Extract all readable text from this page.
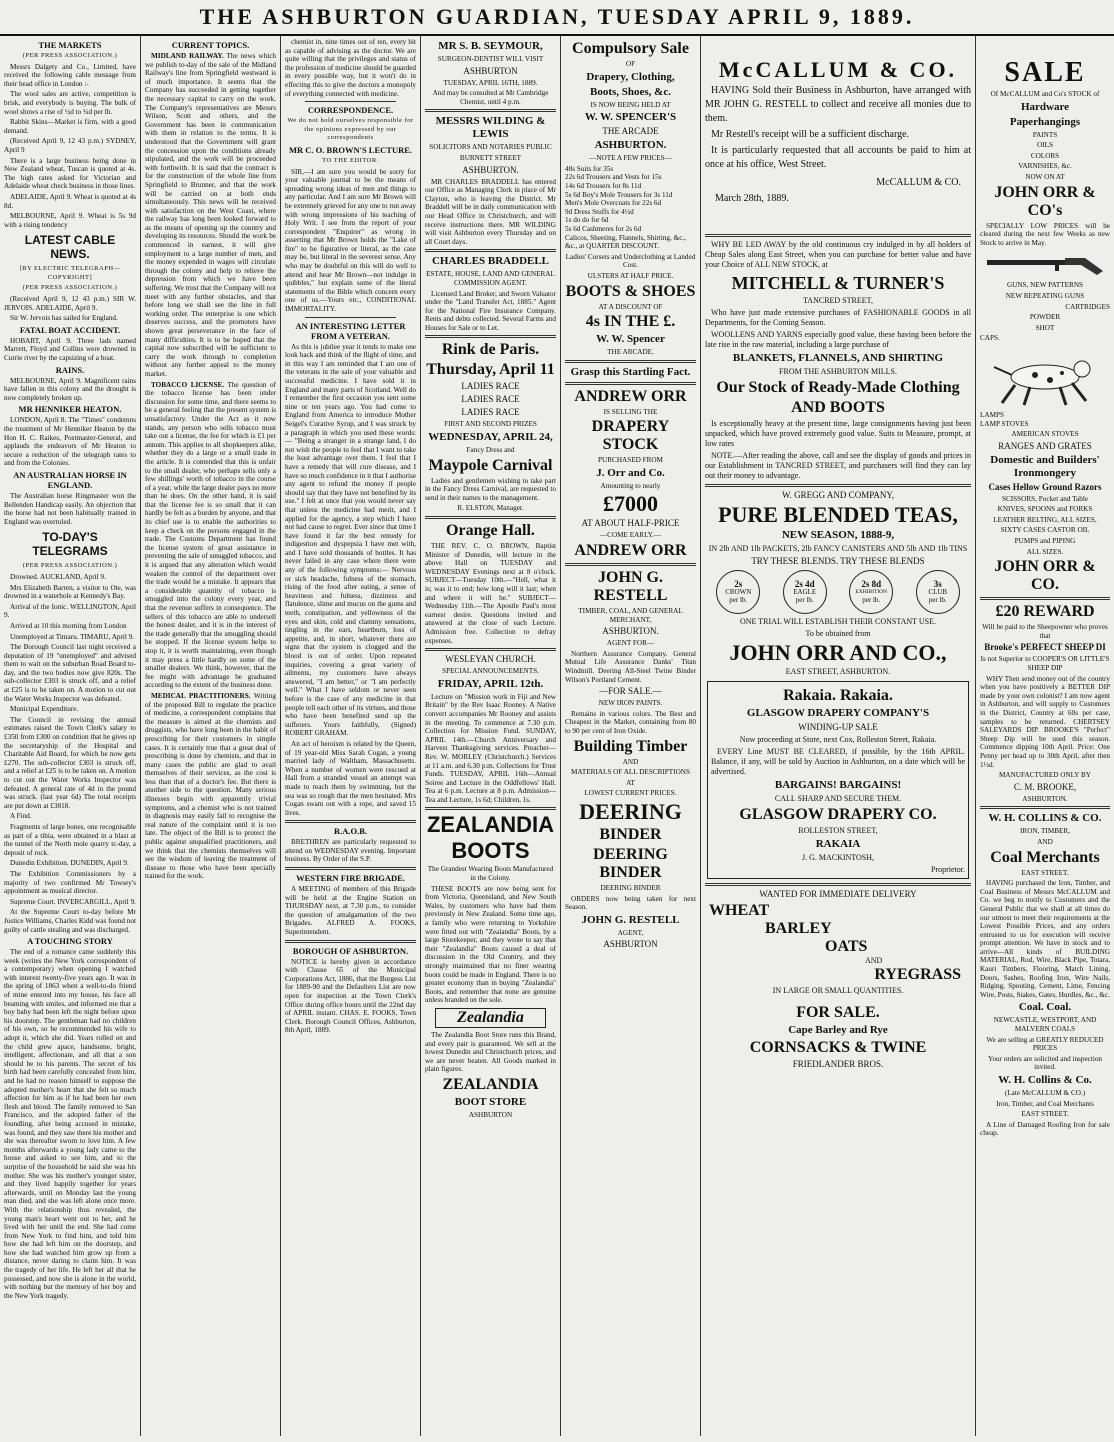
THE ASHBURTON GUARDIAN, TUESDAY APRIL 9, 1889.
THE MARKETS
(PER PRESS ASSOCIATION.)

Messrs Dalgety and Co., Limited, have received the following cable message from their head office in London :-

The wool sales are active, competition is brisk, and everybody is buying. The bulk of wool shows a rise of ½d to ¾d per lb.

Rabbit Skins—Market is firm, with a good demand.

(Received April 9, 12 43 p.m.) SYDNEY, April 9

There is a large business being done in New Zealand wheat, Tuscan is quoted at 4s. The high rates asked for Victorian and Adelaide wheat check business in those lines.

ADELAIDE, April 9. Wheat is quoted at 4s 8d.

MELBOURNE, April 9. Wheat is 5s 9d with a rising tendency

LATEST CABLE NEWS.
[BY ELECTRIC TELEGRAPH—COPYRIGHT]
(PER PRESS ASSOCIATION.)

(Received April 9, 12 43 p.m.) SIR W. JERVOIS. ADELAIDE, April 9.

Sir W. Jervois has sailed for England.

FATAL BOAT ACCIDENT.

HOBART, April 9. Three lads named Marrett, Floyd and Collins were drowned in Currie river by the capsizing of a boat.

RAINS.

MELBOURNE, April 9. Magnificent rains have fallen in this colony and the drought is now completely broken up.

MR HENNIKER HEATON.

LONDON, April 8. The "Times" condemns the treatment of Mr Henniker Heaton by the Hon H. C. Raikes, Postmaster-General, and applauds the endeavors of Mr Heaton to secure a reduction of the telegraph rates to and from the Colonies.

AN AUSTRALIAN HORSE IN ENGLAND.

The Australian horse Ringmaster won the Bellenden Handicap easily. An objection that the horse had not been habitually trained in England was overruled.

TO-DAY'S TELEGRAMS
(PER PRESS ASSOCIATION.)

Drowned. AUCKLAND, April 9.

Mrs Elizabeth Barren, a visitor to Ote, was drowned in a waterhole at Kennedy's Bay.

Arrival of the Ionic. WELLINGTON, April 9.

Arrived at 10 this morning from London

Unemployed at Timaru. TIMARU, April 9.

The Borough Council last night received a deputation of 19 "unemployed" and advised them to wait on the suburban Road Board to-day, and the two bodies now give 820s. The sub-collector £303 is struck off, and a relief at £25 is to be taken on. A motion to cut out the Water Works Inspector was defeated.

Municipal Expenditure.

The Council in revising the annual estimates raised the Town Clerk's salary to £350 from £300 on condition that he gives up the secretaryship of the Hospital and Charitable Aid Board, for which he now gets £270. The sub-collector £303 is struck off, and a relief at £25 is to be taken on. A motion to cut out the Water Works Inspector was defeated. A general rate of 4d in the pound was struck. (last year 6d) The total receipts are put down at £3818.

A Find.

Fragments of large bones, one recognisable as part of a tibia, were obtained in a blast at the tunnel of the North mole quarry tc-day, a deposit of rock.

Dunedin Exhibition. DUNEDIN, April 9.

The Exhibition Commissioners by a majority of two confirmed Mr Towsey's appointment as musical director.

Supreme Court. INVERCARGILL, April 9.

At the Supreme Court to-day before Mr Justice Williams, Charles Kidd was found not guilty of cattle stealing and was discharged.

A TOUCHING STORY

The end of a romance came suddenly this week (writes the New York correspondent of a contemporary) when opening I watched with interest twenty-five years ago. It was in the spring of 1863 when a well-to-do friend of mine entered into my house, his face all beaming with smiles, and informed me that a boy baby had been left the night before upon his doorstep. The gentleman had no children of his own, so he recommended his wife to adopt it, which she did. Years rolled on and the child grew apace, handsome, bright, intelligent, affectionate, and all that a son should be to his parents. The secret of his birth had been carefully concealed from him, and he had no reason himself to suppose the adopted mother's heart that she felt so much affection for him as if he had been her own flesh and blood. The family removed to San Francisco, and the adopted father of the foundling, after being accused in mistake, was found, and they saw there his mother and she was thereafter sworn to love him. A few months afterwards a young lady came to the house and asked to see him, and to the surprise of the household he said she was his mother. She was his mother's younger sister, and they lived happily together for years afterwards, until on Monday last the young man died, and she was left alone once more. With the relationship thus revealed, the young man's heart went out to her, and he lived with her until the end. She had come from New York to find him, and told him how she had left him on the doorstep, and how she had watched him grow up from a distance, never daring to claim him. It was the tragedy of her life. He left her all that he possessed, and now she is alone in the world, with nothing but the memory of her boy and the New York tragedy.

CURRENT TOPICS.

MIDLAND RAILWAY. The news which we publish to-day of the sale of the Midland Railway's line from Springfield westward is of much importance. It seems that the Company has succeeded in getting together the necessary capital to carry on the work. The Company's representatives are Messrs Wilson, Scott and others, and the Government has been in communication with them in relation to the terms. It is understood that the Government will grant the concession upon the conditions already stipulated, and the work will be proceeded with forthwith. It is said that the contract is for the construction of the whole line from Springfield to Brunner, and that the work will be carried on at both ends simultaneously. This news will be received with satisfaction on the West Coast, where the railway has long been looked forward to as the means of opening up the country and developing its resources. Should the work be commenced in earnest, it will give employment to a large number of men, and the money expended in wages will circulate through the colony and help to relieve the depression from which we have been suffering. We trust that the Company will not meet with any further obstacles, and that before long we shall see the line in full working order. The enterprise is one which deserves success, and the promoters have shown great perseverance in the face of many difficulties. It is to be hoped that the capital now subscribed will be sufficient to carry the work through to completion without any further appeal to the money market.

TOBACCO LICENSE. The question of the tobacco license has been under discussion for some time, and there seems to be a general feeling that the present system is unsatisfactory. Under the Act as it now stands, any person who sells tobacco must take out a license, the fee for which is £1 per annum. This applies to all shopkeepers alike, whether they do a large or a small trade in the article. It is contended that this is unfair to the small dealer, who perhaps sells only a few shillings' worth of tobacco in the course of a year, while the large dealer pays no more than he does. On the other hand, it is said that the license fee is so small that it can hardly be felt as a burden by anyone, and that its chief use is to enable the authorities to keep a check on the persons engaged in the trade. The Customs Department has found the license system of great assistance in preventing the sale of smuggled tobacco, and it is argued that any alteration which would weaken the control of the department over the trade would be a mistake. It appears that a considerable quantity of tobacco is smuggled into the colony every year, and that the revenue suffers in consequence. The sellers of this tobacco are able to undersell the honest dealer, and it is in the interest of the trade generally that the smuggling should be stopped. If the license system helps to stop it, it is worth maintaining, even though it may press a little hardly on some of the smaller dealers. We think, however, that the fee might with advantage be graduated according to the extent of the business done.

MEDICAL PRACTITIONERS. Writing of the proposed Bill to regulate the practice of medicine, a correspondent complains that the measure is aimed at the chemists and druggists, who have long been in the habit of prescribing for their customers in simple cases. It is certainly true that a great deal of prescribing is done by chemists, and that in many cases the public are glad to avail themselves of their services, as the cost is less than that of a doctor's fee. But there is another side to the question. Many serious illnesses begin with apparently trivial symptoms, and a chemist who is not trained in diagnosis may easily fail to recognise the real nature of the complaint until it is too late. The object of the Bill is to protect the public against unqualified practitioners, and we think that the chemists themselves will see the wisdom of leaving the treatment of disease to those who have been specially trained for the work.

chemist in, nine times out of ten, every bit as capable of advising as the doctor. We are quite willing that the privileges and status of the profession of medicine should be guarded in every possible way, but it won't do in effecting this to give the doctors a monopoly of everything connected with medicine.

CORRESPONDENCE.
We do not hold ourselves responsible for the opinions expressed by our correspondents
MR C. O. BROWN'S LECTURE.
TO THE EDITOR.

SIR,—I am sure you would be sorry for your valuable journal to be the means of spreading wrong ideas of men and things to any particular. And I am sure Mr Brown will be extremely grieved for any one to run away with wrong impressions of his teaching of Holy Writ. I see from the report of your correspondent "Enquirer" as wrong in asserting that Mr Brown holds the "Lake of fire" to be figurative or literal, as the case may be, but literal in the severest sense. Any who may be doubtful on this will do well to attend and hear Mr Brown—not indulge in quibbles," but explain some of the literal statements of the Bible which concern every one of us.—Yours etc., CONDITIONAL IMMORTALITY.

AN INTERESTING LETTER FROM A VETERAN.

As this is jubilee year it tends to make one look back and think of the flight of time, and in this way I am reminded that I am one of the veterans in the sale of your valuable and successful medicine. I have sold it in England and many parts of Scotland. Well do I remember the first occasion you sent some nine or ten years ago. You had come to England from America to introduce Mother Seigel's Curative Syrup, and I was struck by a paragraph in which you used these words:— "Being a stranger in a strange land, I do not wish the people to feel that I want to take the least advantage over them. I feel that I have a remedy that will cure disease, and I have so much confidence in it that I authorise any agent to refund the money if people should say that they have not benefited by its use." I felt at once that you would never say that unless the medicine had merit, and I applied for the agency, a step which I have not had cause to regret. Ever since that time I have found it far the best remedy for indigestion and dyspepsia I have met with, and I have sold thousands of bottles. It has never failed in any case where there were any of the following symptoms:— Nervous or sick headache, fulness of the stomach, rising of the food after eating, a sense of heaviness and fulness, dizziness and flatulence, slime and mucus on the gums and teeth, constipation, and yellowness of the eyes and skin, cold and clammy sensations, tingling in the ears, heartburn, loss of appetite, and, in short, whatever there are signs that the system is clogged and the blood is out of order. Upon repeated inquiries, covering a great variety of ailments, my customers have always answered, "I am better," or "I am perfectly well." What I have seldom or never seen before is the case of any medicine in that people tell each other of its virtues, and those who have been benefited send up the sufferers. Yours faithfully, (Signed) ROBERT GRAHAM.

An act of heroism is related by the Queen, of 19 year-old Miss Sarah Cogan, a young married lady of Waltham, Massachusetts. When a number of women were rescued at Hall from a stranded vessel an attempt was made to reach them by swimming, but the sea was so rough that the men hesitated. Mrs Cogan swam out with a rope, and saved 15 lives.

R.A.O.B.

BRETHREN are particularly requested to attend on WEDNESDAY evening. Important business. By Order of the S.P.

WESTERN FIRE BRIGADE.

A MEETING of members of this Brigade will be held at the Engine Station on THURSDAY next, at 7.30 p.m., to consider the question of amalgamation of the two Brigades. ALFRED A. FOOKS, Superintendent.

BOROUGH OF ASHBURTON.

NOTICE is hereby given in accordance with Clause 65 of the Municipal Corporations Act, 1886, that the Burgess List for 1889-90 and the Defaulters List are now open for inspection at the Town Clerk's Office during office hours until the 22nd day of APRIL instant. CHAS. E. FOOKS, Town Clerk. Borough Council Offices, Ashburton, 8th April, 1889.

MR S. B. SEYMOUR,
SURGEON-DENTIST WILL VISIT
ASHBURTON
TUESDAY, APRIL 16TH, 1889.
And may be consulted at Mr Cambridge Chemist, until 4 p.m.
MESSRS WILDING & LEWIS
SOLICITORS AND NOTARIES PUBLIC
BURNETT STREET
ASHBURTON.

MR CHARLES BRADDELL has entered our Office as Managing Clerk in place of Mr Clayton, who is leaving the District. Mr Braddell will be in daily communication with our Head Office in Christchurch, and will receive instructions there. MR WILDING will visit Ashburton every Thursday and on all Court days.

CHARLES BRADDELL
ESTATE, HOUSE, LAND AND GENERAL COMMISSION AGENT.

Licensed Land Broker, and Sworn Valuator under the "Land Transfer Act, 1885." Agent for the National Fire Insurance Company. Rents and debts collected. Several Farms and Houses for Sale or to Let.

Rink de Paris.
Thursday, April 11
LADIES RACE
LADIES RACE
LADIES RACE
FIRST AND SECOND PRIZES
WEDNESDAY, APRIL 24,
Fancy Dress and
Maypole Carnival

Ladies and gentlemen wishing to take part in the Fancy Dress Carnival, are requested to send in their names to the management.

R. ELSTON, Manager.
Orange Hall.

THE REV. C. O. BROWN, Baptist Minister of Dunedin, will lecture in the above Hall on TUESDAY and WEDNESDAY Evenings next at 8 o'clock. SUBJECT—Tuesday 10th.—"Hell, what it is; was it to end; how long will it last; when and where it will be." SUBJECT—Wednesday 11th.—The Apostle Paul's most earnest desire. Questions invited and answered at the close of each Lecture. Admission free. Collection to defray expenses.

WESLEYAN CHURCH.
SPECIAL ANNOUNCEMENTS.
FRIDAY, APRIL 12th.

Lecture on "Mission work in Fiji and New Britain" by the Rev Isaac Rooney. A Native convert accompanies Mr Rooney and assists in the meeting. To commence at 7.30 p.m. Collection for Mission Fund. SUNDAY, APRIL 14th.—Church Anniversary and Harvest Thanksgiving services. Preacher—Rev. W. MORLEY (Christchurch.) Services at 11 a.m. and 6.30 p.m. Collections for Trust Funds. TUESDAY, APRIL 16th—Annual Soiree and Lecture in the Oddfellows' Hall. Tea at 6 p.m. Lecture at 8 p.m. Admission—Tea and Lecture, 1s 6d; Children, 1s.

ZEALANDIA
BOOTS
The Grandest Wearing Boots Manufactured in the Colony.

THESE BOOTS are now being sent for from Victoria, Queensland, and New South Wales, by customers who have had them previously in New Zealand. Some time ago, a family who were returning to Yorkshire were fitted out with "Zealandia" Boots, by a large Storekeeper, and they wrote to say that their "Zealandia" Boots caused a deal of discussion in the Old Country, and they strongly maintained that no finer wearing boots could be made in England. There is no greater economy than in buying "Zealandia" Boots, and remember that none are genuine unless branded on the sole.

Zealandia

The Zealandia Boot Store runs this Brand, and every pair is guaranteed. We sell at the lowest Dunedin and Christchurch prices, and we are never beaten. All Goods marked in plain figures.

ZEALANDIA
BOOT STORE
ASHBURTON
Compulsory Sale
OF
Drapery, Clothing,
Boots, Shoes, &c.
IS NOW BEING HELD AT
W. W. SPENCER'S
THE ARCADE
ASHBURTON.
—NOTE A FEW PRICES—
48s Suits for 35s
22s 6d Trousers and Vests for 15s
14s 6d Trousers for 8s 11d
5s 6d Boy's Mole Trousers for 3s 11d
Men's Mole Overcoats for 22s 6d
9d Dress Stuffs for 4½d
1s do do for 6d
5s 6d Cashmeres for 2s 6d
Calicos, Sheeting, Flannels, Shirting, &c., &c., at QUARTER DISCOUNT.
Ladies' Corsets and Underclothing at Landed Cost.
ULSTERS AT HALF PRICE.
BOOTS & SHOES
AT A DISCOUNT OF
4s IN THE £.
W. W. Spencer
THE ARCADE.
Grasp this Startling Fact.
ANDREW ORR
IS SELLING THE
DRAPERY STOCK
PURCHASED FROM
J. Orr and Co.
Amounting to nearly
£7000
AT ABOUT HALF-PRICE
—COME EARLY.—
ANDREW ORR
JOHN G. RESTELL
TIMBER, COAL, AND GENERAL MERCHANT,
ASHBURTON.
AGENT FOR—

Northern Assurance Company. General Mutual Life Assurance Danks' Titan Windmill. Deering All-Steel Twine Binder Wilson's Portland Cement.

—FOR SALE.—
NEW IRON PAINTS.

Remains in various colors. The Best and Cheapest in the Market, containing from 80 to 90 per cent of Iron Oxide.

Building Timber
AND
MATERIALS OF ALL DESCRIPTIONS
AT
LOWEST CURRENT PRICES.
DEERING
BINDER
DEERING BINDER
DEERING BINDER

ORDERS now being taken for next Season.

JOHN G. RESTELL
AGENT,
ASHBURTON
McCALLUM & CO.

HAVING Sold their Business in Ashburton, have arranged with MR JOHN G. RESTELL to collect and receive all monies due to them.

Mr Restell's receipt will be a sufficient discharge.

It is particularly requested that all accounts be paid to him at once at his office, West Street.

McCALLUM & CO.
March 28th, 1889.

WHY BE LED AWAY by the old continuous cry indulged in by all holders of Cheap Sales along East Street, when you can purchase for better value and have your Choice of ALL NEW STOCK, at

MITCHELL & TURNER'S
TANCRED STREET,

Who have just made extensive purchases of FASHIONABLE GOODS in all Departments, for the Coming Season.

WOOLLENS AND YARNS especially good value, these having been before the late rise in the raw material, including a large purchase of

BLANKETS, FLANNELS, AND SHIRTING
FROM THE ASHBURTON MILLS.
Our Stock of Ready-Made Clothing
AND BOOTS

Is exceptionally heavy at the present time, large consignments having just been unpacked, which have proved extremely good value. Suits to Measure, prompt, at low rates

NOTE.—After reading the above, call and see the display of goods and prices in our Establishment in TANCRED STREET, and purchasers will find they can lay out their money to advantage.

W. GREGG AND COMPANY,
PURE BLENDED TEAS,
NEW SEASON, 1888-9,
IN 2lb AND 1lb PACKETS, 2lb FANCY CANISTERS AND 5lb AND 1lb TINS
TRY THESE BLENDS. TRY THESE BLENDS
2s
CROWN
per lb.
2s 4d
EAGLE
per lb.
2s 8d
EXHIBITION
per lb.
3s
CLUB
per lb.
ONE TRIAL WILL ESTABLISH THEIR CONSTANT USE.
To be obtained from
JOHN ORR AND CO.,
EAST STREET, ASHBURTON.
Rakaia. Rakaia.
GLASGOW DRAPERY COMPANY'S
WINDING-UP SALE
Now proceeding at Store, next Cox, Rolleston Street, Rakaia.

EVERY Line MUST BE CLEARED, if possible, by the 16th APRIL. Balance, if any, will be sold by Auction in Ashburton, on a date which will be advertised.

BARGAINS! BARGAINS!
CALL SHARP AND SECURE THEM.
GLASGOW DRAPERY CO.
ROLLESTON STREET,
RAKAIA
J. G. MACKINTOSH,
Proprietor.
WANTED FOR IMMEDIATE DELIVERY
WHEAT
BARLEY
OATS
AND
RYEGRASS
IN LARGE OR SMALL QUANTITIES.
FOR SALE.
Cape Barley and Rye
CORNSACKS & TWINE
FRIEDLANDER BROS.
SALE
Of McCALLUM and Co's STOCK of
Hardware
Paperhangings
PAINTS
OILS
COLORS
VARNISHES, &c.
NOW ON AT
JOHN ORR & CO's

SPECIALLY LOW PRICES will be cleared during the next few Weeks as new Stock to arrive in May.

GUNS, NEW PATTERNS
NEW REPEATING GUNS
CARTRIDGES
POWDER
SHOT
CAPS.
LAMPS
LAMP STOVES
AMERICAN STOVES
RANGES AND GRATES
Domestic and Builders' Ironmongery
Cases Hellow Ground Razors
SCISSORS, Pocket and Table
KNIVES, SPOONS and FORKS
LEATHER BELTING, ALL SIZES,
SIXTY CASES CASTOR OIL
PUMPS and PIPING
ALL SIZES.
JOHN ORR & CO.
£20 REWARD
Will be paid to the Sheepowner who proves that
Brooke's PERFECT SHEEP DI
Is not Superior to COOPER'S OR LITTLE'S SHEEP DIP

WHY Then send money out of the country when you have positively a BETTER DIP made by your own colonist? I am now agent in Ashburton, and will supply to Customers in the District, Country at 60s per case, samples to be returned. CHERTSEY SALEYARDS DIP. BROOKE'S "Perfect" Sheep Dip will be used this season. Commence dipping 10th April. Price: One Penny per head up to 30th April, after then 1½d.

MANUFACTURED ONLY BY
C. M. BROOKE,
ASHBURTON.
W. H. COLLINS & CO.
IRON, TIMBER,
AND
Coal Merchants
EAST STREET.

HAVING purchased the Iron, Timber, and Coal Business of Messrs McCALLUM and Co. we beg to notify to Customers and the General Public that we shall at all times do our utmost to meet their requirements at the Lowest Possible Prices, and any orders entrusted to us for execution will receive prompt attention. We have in stock and to arrive—All kinds of BUILDING MATERIAL, Rod, Wire, Black Pipe, Totara, Kauri Timbers, Flooring, Match Lining, Doors, Sashes, Roofing Iron, Wire Nails, Ridging, Spouting, Cement, Lime, Fencing Wire, Posts, Stakes, Gates, Hurdles, &c., &c.

Coal. Coal.
NEWCASTLE, WESTPORT, AND MALVERN COALS
We are selling at GREATLY REDUCED PRICES
Your orders are solicited and inspection invited.
W. H. Collins & Co.
(Late McCALLUM & CO.)
Iron, Timber, and Coal Merchants
EAST STREET.

A Line of Damaged Roofing Iron for sale cheap.
